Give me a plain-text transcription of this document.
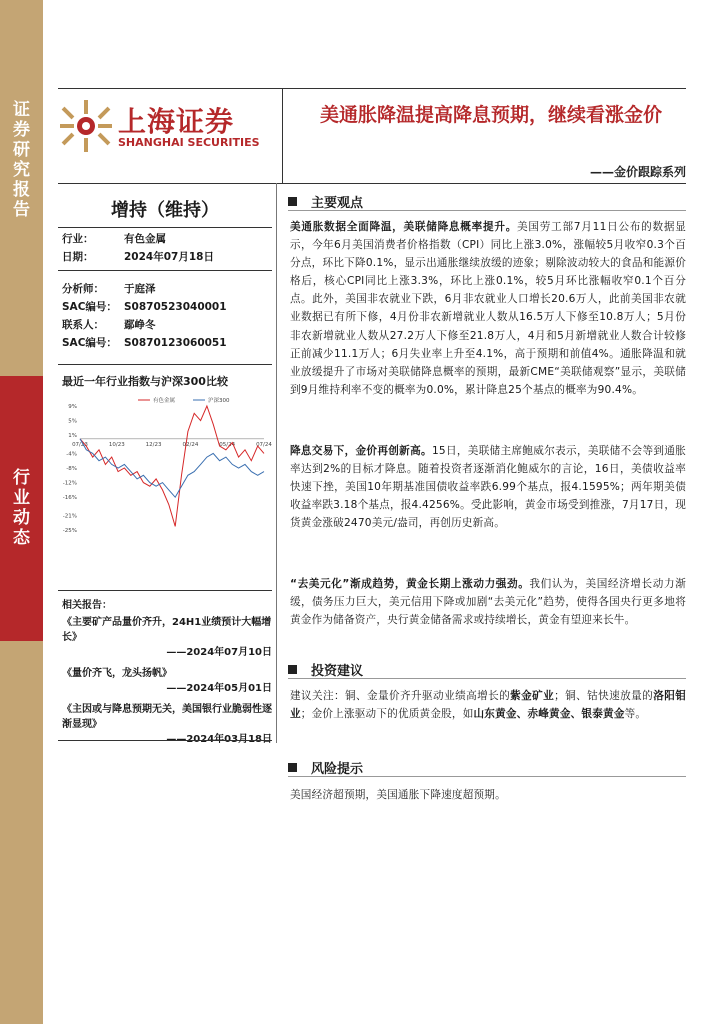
证
券
研
究
报
告
行
业
动
态
上海证券
SHANGHAI SECURITIES
美通胀降温提高降息预期，继续看涨金价
——金价跟踪系列
增持（维持）
行业：	有色金属
日期：	2024年07月18日
分析师：	于庭泽
SAC编号： S0870523040001
联系人：	鄢峥冬
SAC编号： S0870123060051
最近一年行业指数与沪深300比较
9%
5%
1%
-4%
-8%
-12%
-16%
-21%
-25%
07/23	10/23	12/23	02/24	05/24	07/24
有色金属	沪深300
相关报告：
《主要矿产品量价齐升，24H1业绩预计大幅增长》
——2024年07月10日
《量价齐飞，龙头扬帆》
——2024年05月01日
《主因或与降息预期无关，美国银行业脆弱性逐渐显现》
——2024年03月18日
主要观点
美通胀数据全面降温，美联储降息概率提升。美国劳工部7月11日公布的数据显示，今年6月美国消费者价格指数（CPI）同比上涨3.0%，涨幅较5月收窄0.3个百分点，环比下降0.1%，显示出通胀继续放缓的迹象；剔除波动较大的食品和能源价格后，核心CPI同比上涨3.3%，环比上涨0.1%，较5月环比涨幅收窄0.1个百分点。此外，美国非农就业下跌，6月非农就业人口增长20.6万人，此前美国非农就业数据已有所下修，4月份非农新增就业人数从16.5万人下修至10.8万人；5月份非农新增就业人数从27.2万人下修至21.8万人，4月和5月新增就业人数合计较修正前减少11.1万人；6月失业率上升至4.1%，高于预期和前值4%。通胀降温和就业放缓提升了市场对美联储降息概率的预期，最新CME“美联储观察”显示，美联储到9月维持利率不变的概率为0.0%，累计降息25个基点的概率为90.4%。
降息交易下，金价再创新高。15日，美联储主席鲍威尔表示，美联储不会等到通胀率达到2%的目标才降息。随着投资者逐渐消化鲍威尔的言论，16日，美债收益率快速下挫，美国10年期基准国债收益率跌6.99个基点，报4.1595%；两年期美债收益率跌3.18个基点，报4.4256%。受此影响，黄金市场受到推涨，7月17日，现货黄金涨破2470美元/盎司，再创历史新高。
“去美元化”渐成趋势，黄金长期上涨动力强劲。我们认为，美国经济增长动力渐缓，债务压力巨大，美元信用下降或加剧“去美元化”趋势，使得各国央行更多地将黄金作为储备资产，央行黄金储备需求或持续增长，黄金有望迎来长牛。
投资建议
建议关注：铜、金量价齐升驱动业绩高增长的紫金矿业；铜、钴快速放量的洛阳钼业；金价上涨驱动下的优质黄金股，如山东黄金、赤峰黄金、银泰黄金等。
风险提示
美国经济超预期，美国通胀下降速度超预期。
